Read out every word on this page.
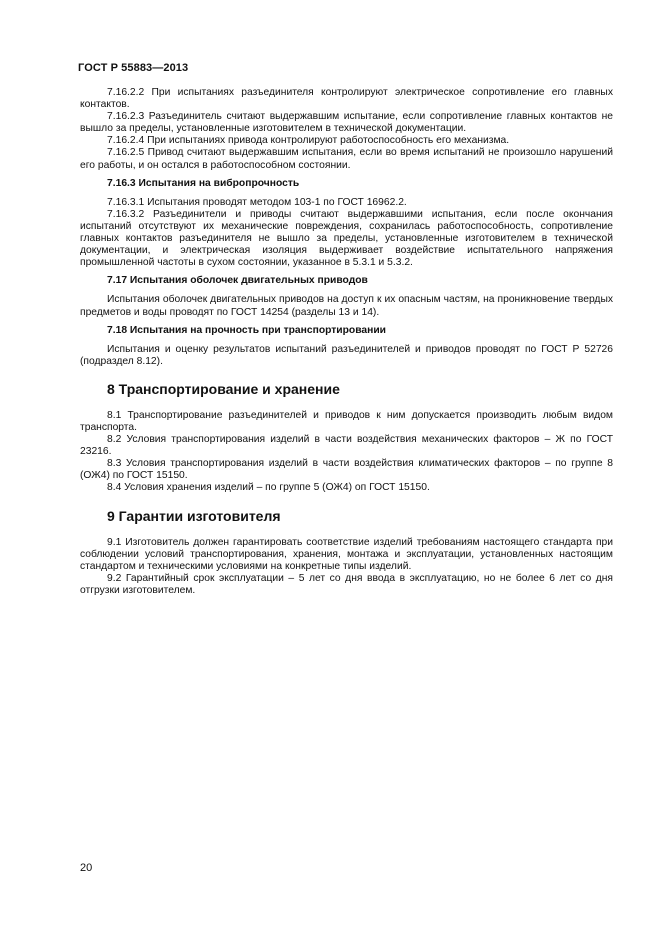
ГОСТ Р 55883—2013

7.16.2.2 При испытаниях разъединителя контролируют электрическое сопротивление его главных контактов.

7.16.2.3 Разъединитель считают выдержавшим испытание, если сопротивление главных контактов не вышло за пределы, установленные изготовителем в технической документации.

7.16.2.4 При испытаниях привода контролируют работоспособность его механизма.

7.16.2.5 Привод считают выдержавшим испытания, если во время испытаний не произошло нарушений его работы, и он остался в работоспособном состоянии.

7.16.3 Испытания на вибропрочность

7.16.3.1 Испытания проводят методом 103-1 по ГОСТ 16962.2.

7.16.3.2 Разъединители и приводы считают выдержавшими испытания, если после окончания испытаний отсутствуют их механические повреждения, сохранилась работоспособность, сопротивление главных контактов разъединителя не вышло за пределы, установленные изготовителем в технической документации, и электрическая изоляция выдерживает воздействие испытательного напряжения промышленной частоты в сухом состоянии, указанное в 5.3.1 и 5.3.2.

7.17 Испытания оболочек двигательных приводов

Испытания оболочек двигательных приводов на доступ к их опасным частям, на проникновение твердых предметов и воды проводят по ГОСТ 14254 (разделы 13 и 14).

7.18 Испытания на прочность при транспортировании

Испытания и оценку результатов испытаний разъединителей и приводов проводят по ГОСТ Р 52726 (подраздел 8.12).

8 Транспортирование и хранение

8.1 Транспортирование разъединителей и приводов к ним допускается производить любым видом транспорта.

8.2 Условия транспортирования изделий в части воздействия механических факторов – Ж по ГОСТ 23216.

8.3 Условия транспортирования изделий в части воздействия климатических факторов – по группе 8 (ОЖ4) по ГОСТ 15150.

8.4 Условия хранения изделий – по группе 5 (ОЖ4) оп ГОСТ 15150.

9 Гарантии изготовителя

9.1 Изготовитель должен гарантировать соответствие изделий требованиям настоящего стандарта при соблюдении условий транспортирования, хранения, монтажа и эксплуатации, установленных настоящим стандартом и техническими условиями на конкретные типы изделий.

9.2 Гарантийный срок эксплуатации – 5 лет со дня ввода в эксплуатацию, но не более 6 лет со дня отгрузки изготовителем.

20
